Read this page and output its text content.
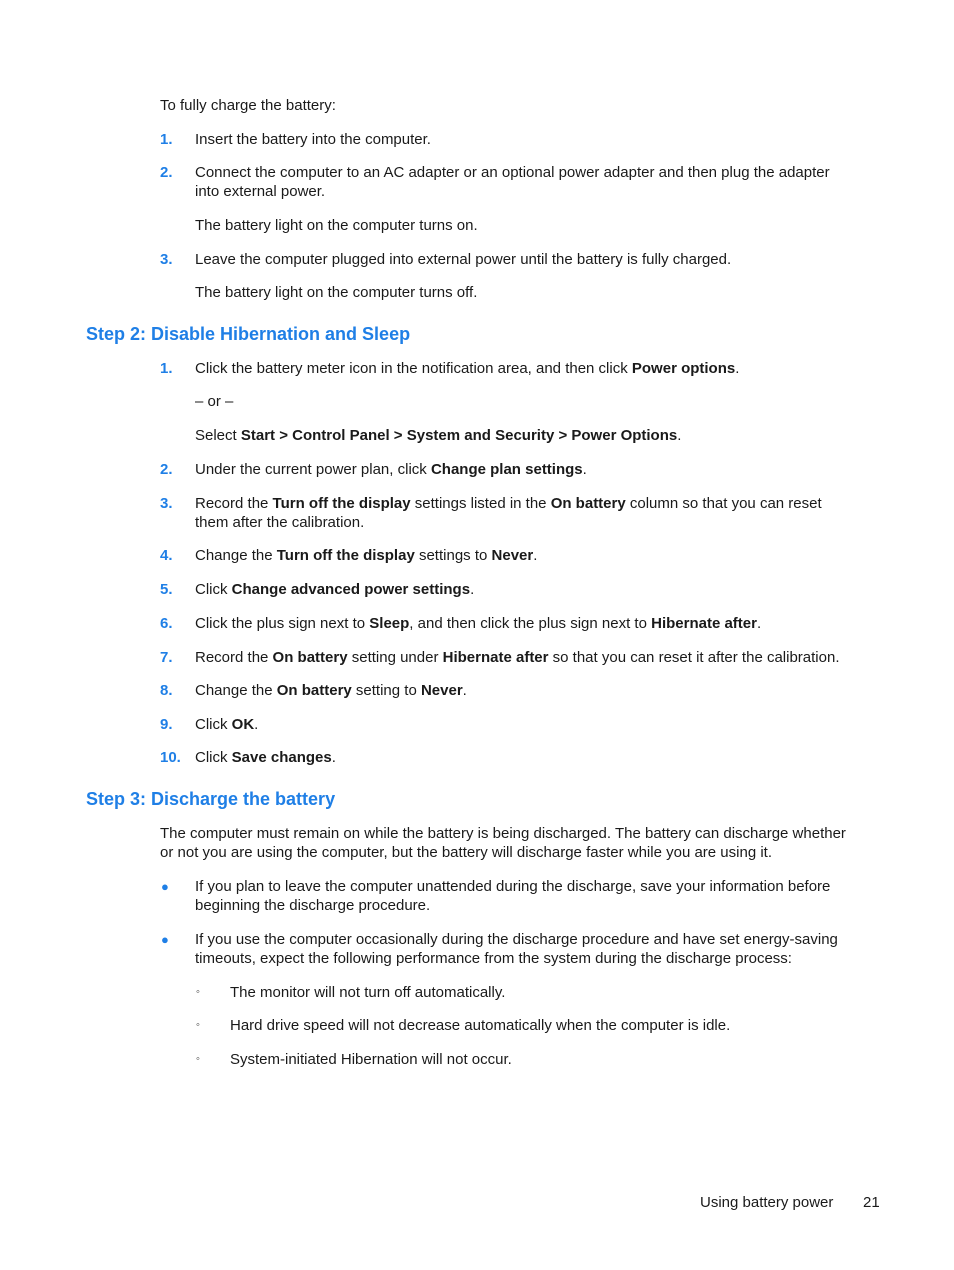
To fully charge the battery:
1. Insert the battery into the computer.
2. Connect the computer to an AC adapter or an optional power adapter and then plug the adapter
into external power.
The battery light on the computer turns on.
3. Leave the computer plugged into external power until the battery is fully charged.
The battery light on the computer turns off.
Step 2: Disable Hibernation and Sleep
1. Click the battery meter icon in the notification area, and then click Power options.
– or –
Select Start > Control Panel > System and Security > Power Options.
2. Under the current power plan, click Change plan settings.
3. Record the Turn off the display settings listed in the On battery column so that you can reset
them after the calibration.
4. Change the Turn off the display settings to Never.
5. Click Change advanced power settings.
6. Click the plus sign next to Sleep, and then click the plus sign next to Hibernate after.
7. Record the On battery setting under Hibernate after so that you can reset it after the calibration.
8. Change the On battery setting to Never.
9. Click OK.
10. Click Save changes.
Step 3: Discharge the battery
The computer must remain on while the battery is being discharged. The battery can discharge whether
or not you are using the computer, but the battery will discharge faster while you are using it.
● If you plan to leave the computer unattended during the discharge, save your information before
beginning the discharge procedure.
● If you use the computer occasionally during the discharge procedure and have set energy-saving
timeouts, expect the following performance from the system during the discharge process:
◦ The monitor will not turn off automatically.
◦ Hard drive speed will not decrease automatically when the computer is idle.
◦ System-initiated Hibernation will not occur.
Using battery power 21
